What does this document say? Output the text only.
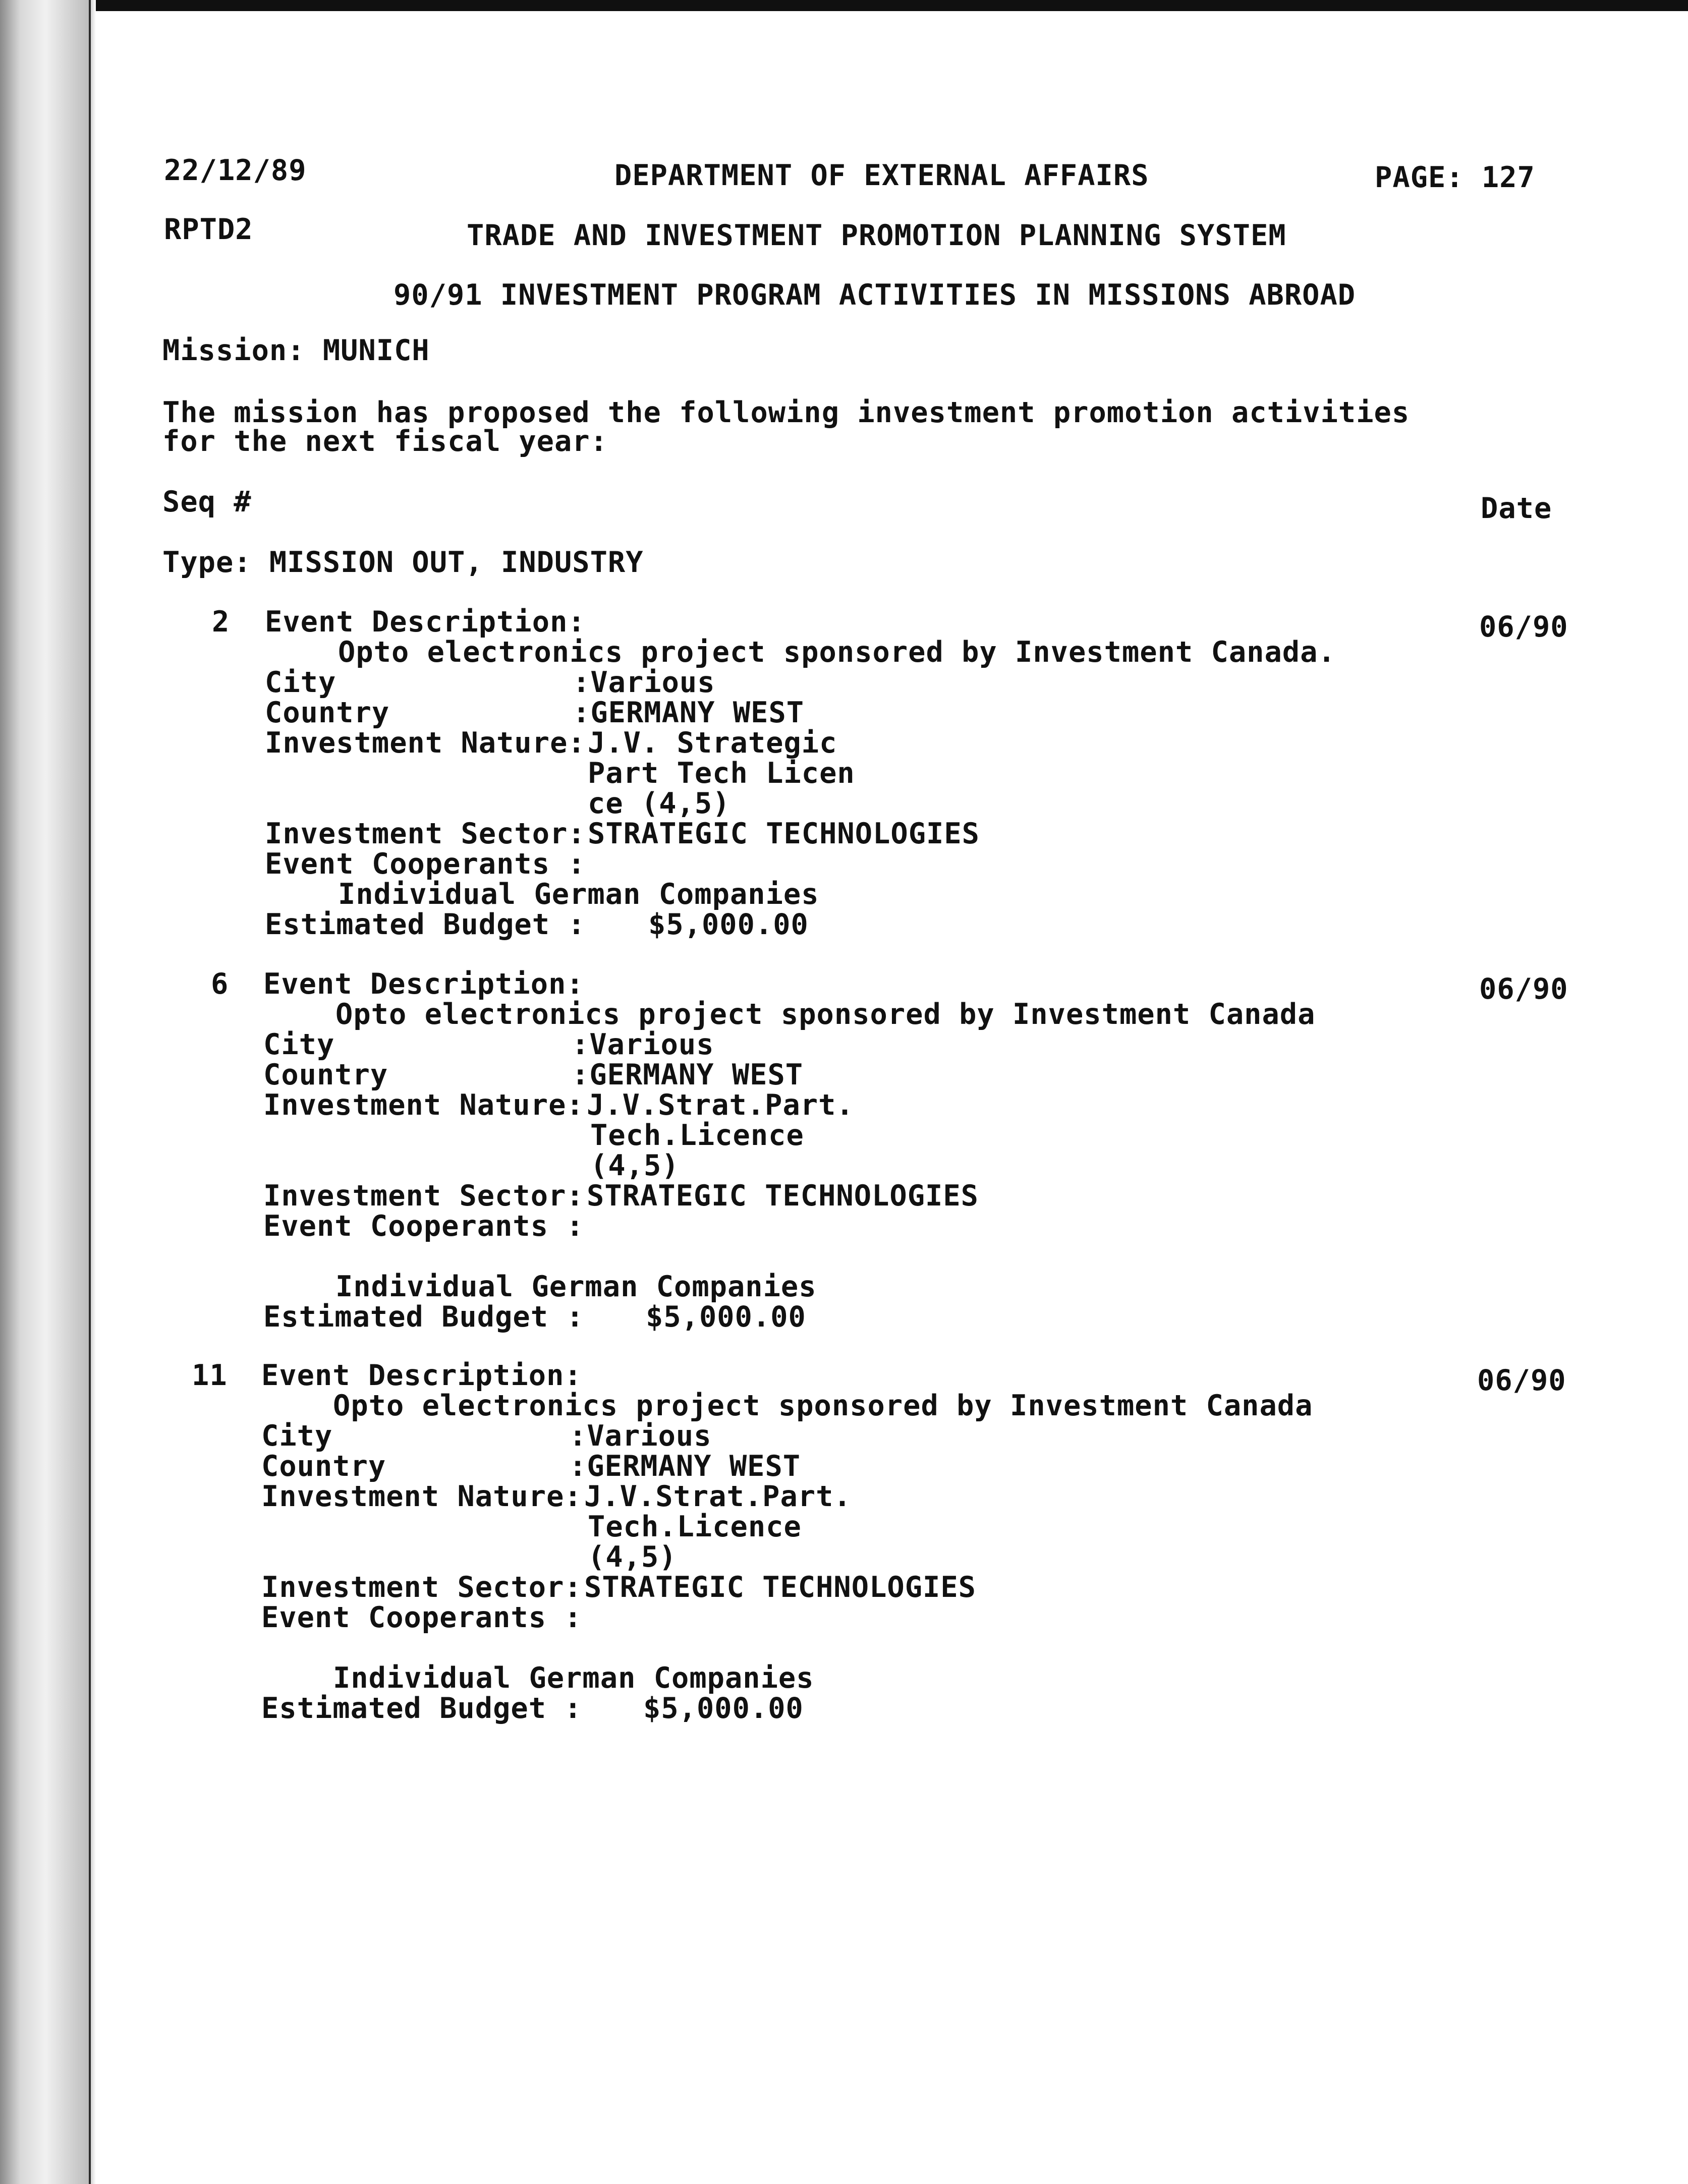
22/12/89	DEPARTMENT OF EXTERNAL AFFAIRS	PAGE: 127
RPTD2	TRADE AND INVESTMENT PROMOTION PLANNING SYSTEM
90/91 INVESTMENT PROGRAM ACTIVITIES IN MISSIONS ABROAD
Mission: MUNICH
The mission has proposed the following investment promotion activities
for the next fiscal year:
Seq #	Date
Type: MISSION OUT, INDUSTRY
2 Event Description:	06/90
Opto electronics project sponsored by Investment Canada.
City	:Various
Country	:GERMANY WEST
Investment Nature: J.V. Strategic
Part Tech Licen
ce (4,5)
Investment Sector: STRATEGIC TECHNOLOGIES
Event Cooperants :
Individual German Companies
Estimated Budget : $5,000.00
6 Event Description:	06/90
Opto electronics project sponsored by Investment Canada
City	:Various
Country	:GERMANY WEST
Investment Nature: J.V.Strat.Part.
Tech.Licence
(4,5)
Investment Sector: STRATEGIC TECHNOLOGIES
Event Cooperants :
Individual German Companies
Estimated Budget : $5,000.00
11 Event Description:	06/90
Opto electronics project sponsored by Investment Canada
City	:Various
Country	:GERMANY WEST
Investment Nature: J.V.Strat.Part.
Tech.Licence
(4,5)
Investment Sector: STRATEGIC TECHNOLOGIES
Event Cooperants :
Individual German Companies
Estimated Budget : $5,000.00
